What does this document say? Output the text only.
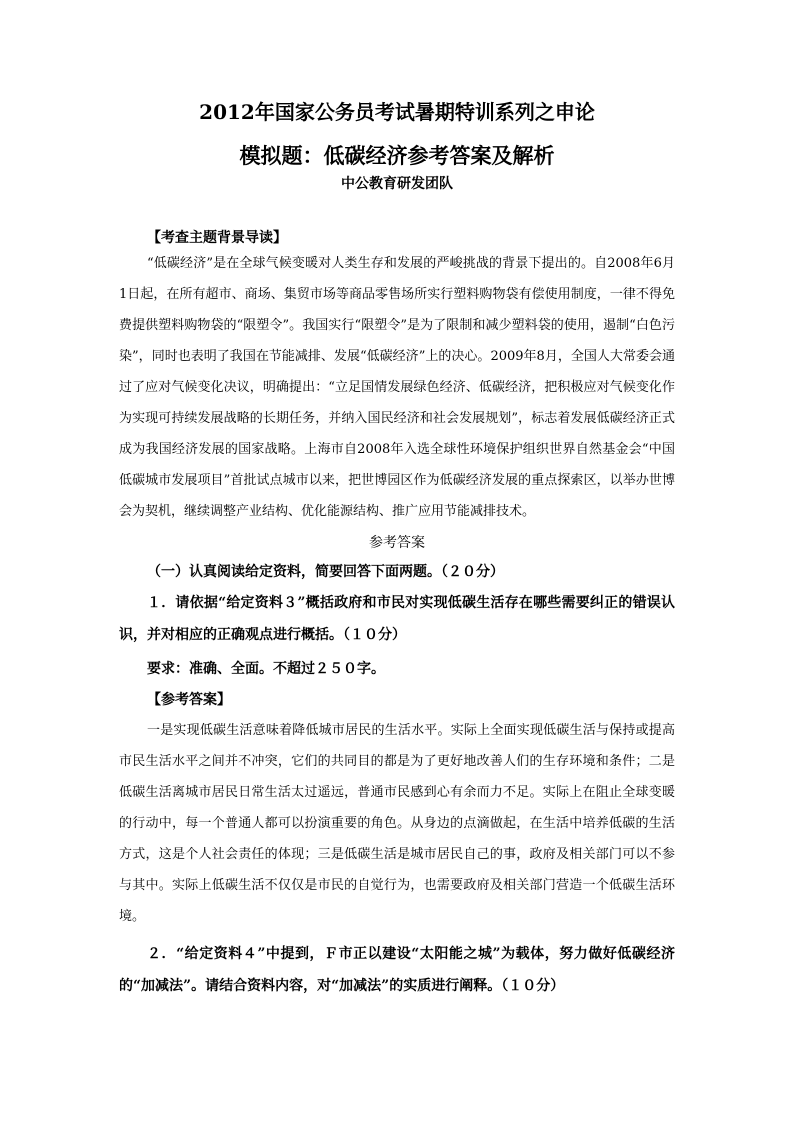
2012年国家公务员考试暑期特训系列之申论

模拟题：低碳经济参考答案及解析

中公教育研发团队
【考查主题背景导读】

“低碳经济”是在全球气候变暖对人类生存和发展的严峻挑战的背景下提出的。自2008年6月1日起，在所有超市、商场、集贸市场等商品零售场所实行塑料购物袋有偿使用制度，一律不得免费提供塑料购物袋的“限塑令”。我国实行“限塑令”是为了限制和减少塑料袋的使用，遏制“白色污染”，同时也表明了我国在节能减排、发展“低碳经济”上的决心。2009年8月，全国人大常委会通过了应对气候变化决议，明确提出：“立足国情发展绿色经济、低碳经济，把积极应对气候变化作为实现可持续发展战略的长期任务，并纳入国民经济和社会发展规划”，标志着发展低碳经济正式成为我国经济发展的国家战略。上海市自2008年入选全球性环境保护组织世界自然基金会“中国低碳城市发展项目”首批试点城市以来，把世博园区作为低碳经济发展的重点探索区，以举办世博会为契机，继续调整产业结构、优化能源结构、推广应用节能减排技术。

参考答案
（一）认真阅读给定资料，简要回答下面两题。（２０分）

１．请依据“给定资料３”概括政府和市民对实现低碳生活存在哪些需要纠正的错误认识，并对相应的正确观点进行概括。（１０分）

要求：准确、全面。不超过２５０字。
【参考答案】

一是实现低碳生活意味着降低城市居民的生活水平。实际上全面实现低碳生活与保持或提高市民生活水平之间并不冲突，它们的共同目的都是为了更好地改善人们的生存环境和条件；二是低碳生活离城市居民日常生活太过遥远，普通市民感到心有余而力不足。实际上在阻止全球变暖的行动中，每一个普通人都可以扮演重要的角色。从身边的点滴做起，在生活中培养低碳的生活方式，这是个人社会责任的体现；三是低碳生活是城市居民自己的事，政府及相关部门可以不参与其中。实际上低碳生活不仅仅是市民的自觉行为，也需要政府及相关部门营造一个低碳生活环境。

２．“给定资料４”中提到，Ｆ市正以建设“太阳能之城”为载体，努力做好低碳经济的“加减法”。请结合资料内容，对“加减法”的实质进行阐释。（１０分）
